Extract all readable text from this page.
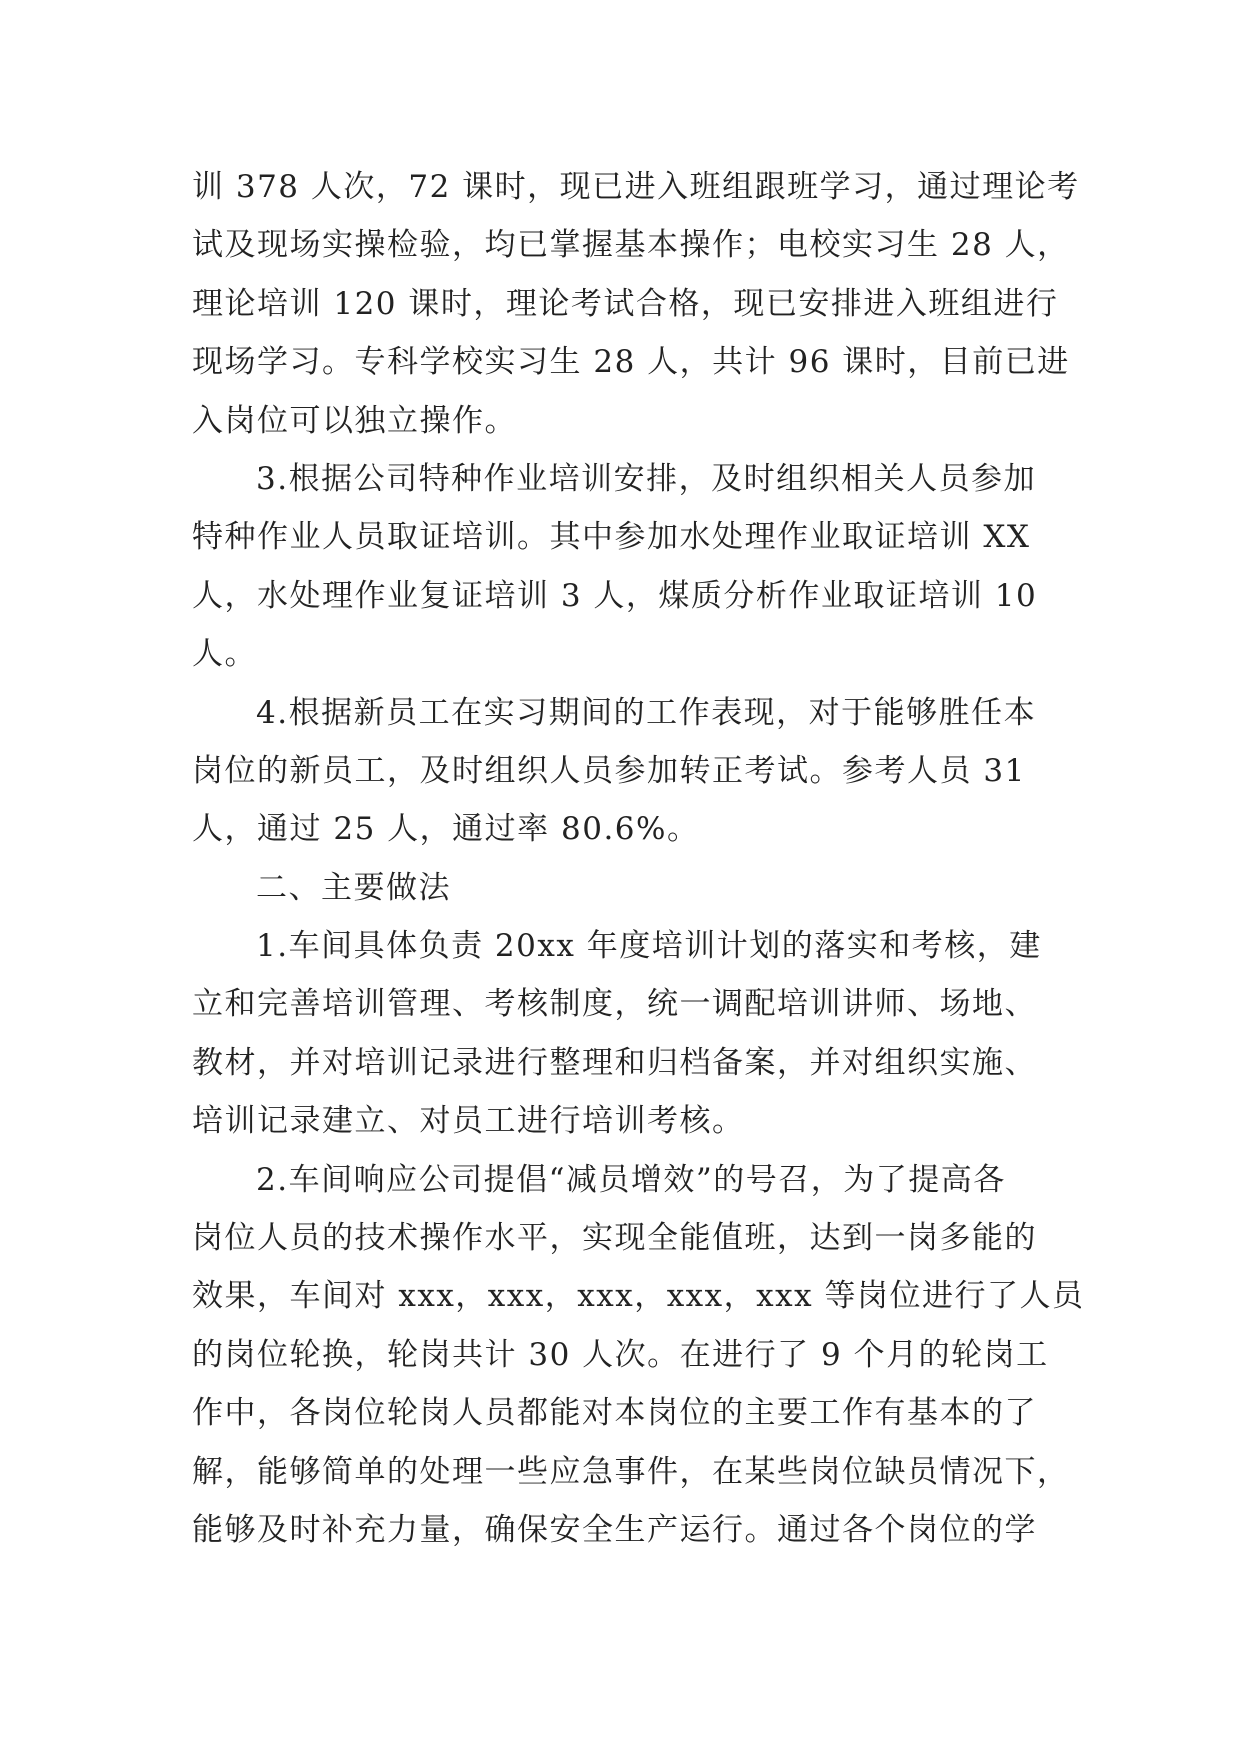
训 378 人次，72 课时，现已进入班组跟班学习，通过理论考
试及现场实操检验，均已掌握基本操作；电校实习生 28 人，
理论培训 120 课时，理论考试合格，现已安排进入班组进行
现场学习。专科学校实习生 28 人，共计 96 课时，目前已进
入岗位可以独立操作。
3.根据公司特种作业培训安排，及时组织相关人员参加
特种作业人员取证培训。其中参加水处理作业取证培训 XX
人，水处理作业复证培训 3 人，煤质分析作业取证培训 10
人。
4.根据新员工在实习期间的工作表现，对于能够胜任本
岗位的新员工，及时组织人员参加转正考试。参考人员 31
人，通过 25 人，通过率 80.6%。
二、主要做法
1.车间具体负责 20xx 年度培训计划的落实和考核，建
立和完善培训管理、考核制度，统一调配培训讲师、场地、
教材，并对培训记录进行整理和归档备案，并对组织实施、
培训记录建立、对员工进行培训考核。
2.车间响应公司提倡“减员增效”的号召，为了提高各
岗位人员的技术操作水平，实现全能值班，达到一岗多能的
效果，车间对 xxx，xxx，xxx，xxx，xxx 等岗位进行了人员
的岗位轮换，轮岗共计 30 人次。在进行了 9 个月的轮岗工
作中，各岗位轮岗人员都能对本岗位的主要工作有基本的了
解，能够简单的处理一些应急事件，在某些岗位缺员情况下，
能够及时补充力量，确保安全生产运行。通过各个岗位的学
